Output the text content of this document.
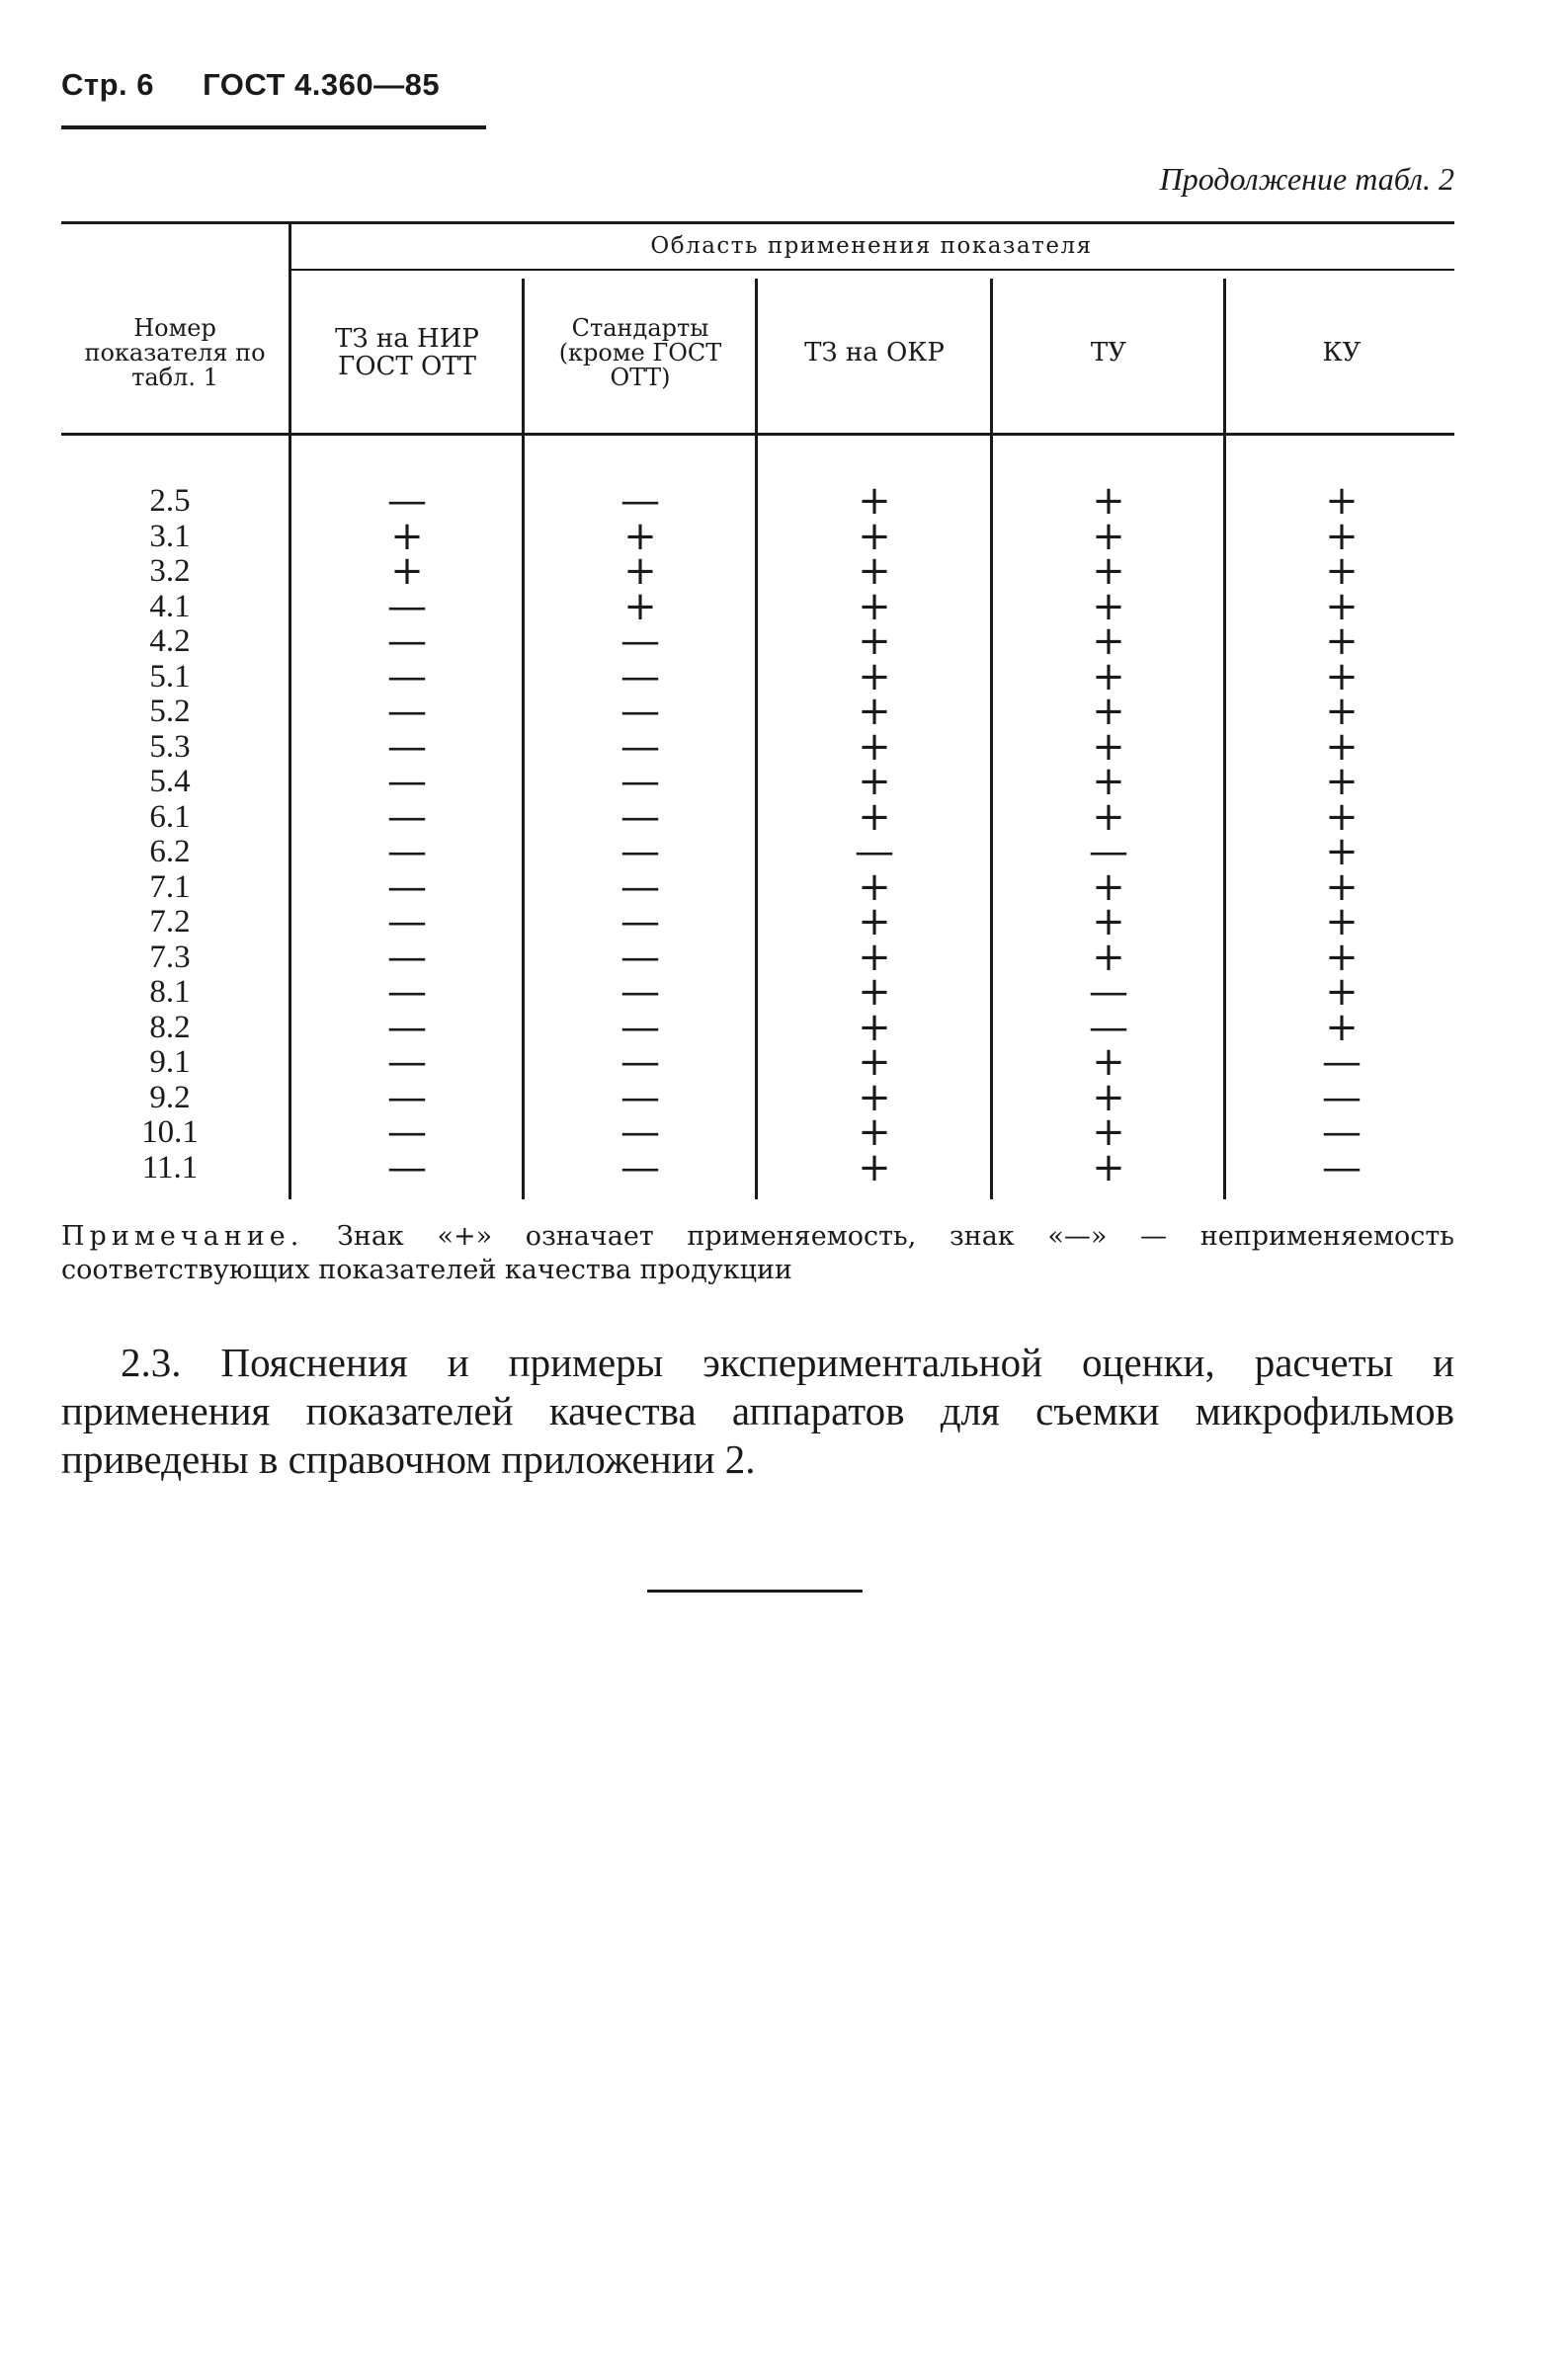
Стр. 6 ГОСТ 4.360—85
Продолжение табл. 2
Область применения показателя
Номер показателя по табл. 1
ТЗ на НИР ГОСТ ОТТ
Стандарты (кроме ГОСТ ОТТ)
ТЗ на ОКР	ТУ	КУ
2.5
3.1
3.2
4.1
4.2
5.1
5.2
5.3
5.4
6.1
6.2
7.1
7.2
7.3
8.1
8.2
9.1
9.2
10.1
11.1
—
+
+
—
—
—
—
—
—
—
—
—
—
—
—
—
—
—
—
—
—
+
+
+
—
—
—
—
—
—
—
—
—
—
—
—
—
—
—
—
+
+
+
+
+
+
+
+
+
+
—
+
+
+
+
+
+
+
+
+
+
+
+
+
+
+
+
+
+
+
—
+
+
+
—
—
+
+
+
+
+
+
+
+
+
+
+
+
+
+
+
+
+
+
+
+
—
—
—
—
Примечание. Знак «+» означает применяемость, знак «—» — неприменяемость соответствующих показателей качества продукции
2.3. Пояснения и примеры экспериментальной оценки, расчеты и применения показателей качества аппаратов для съемки микрофильмов приведены в справочном приложении 2.
